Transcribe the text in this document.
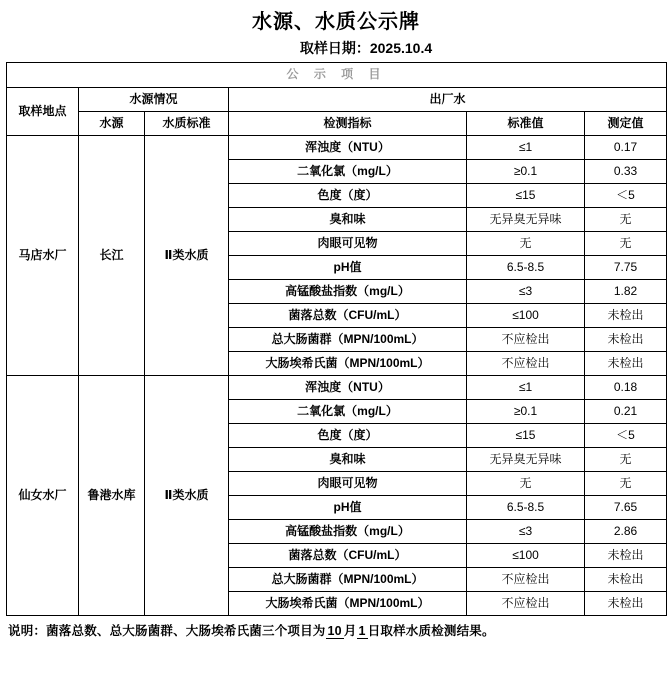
水源、水质公示牌
取样日期：2025.10.4
公 示 项 目					
取样地点	水源情况		出厂水		
	水源	水质标准	检测指标	标准值	测定值
马店水厂	长江	Ⅱ类水质	浑浊度（NTU）	≤1	0.17
			二氧化氯（mg/L）	≥0.1	0.33
			色度（度）	≤15	＜5
			臭和味	无异臭无异味	无
			肉眼可见物	无	无
			pH值	6.5-8.5	7.75
			高锰酸盐指数（mg/L）	≤3	1.82
			菌落总数（CFU/mL）	≤100	未检出
			总大肠菌群（MPN/100mL）	不应检出	未检出
			大肠埃希氏菌（MPN/100mL）	不应检出	未检出
仙女水厂	鲁港水库	Ⅱ类水质	浑浊度（NTU）	≤1	0.18
			二氧化氯（mg/L）	≥0.1	0.21
			色度（度）	≤15	＜5
			臭和味	无异臭无异味	无
			肉眼可见物	无	无
			pH值	6.5-8.5	7.65
			高锰酸盐指数（mg/L）	≤3	2.86
			菌落总数（CFU/mL）	≤100	未检出
			总大肠菌群（MPN/100mL）	不应检出	未检出
			大肠埃希氏菌（MPN/100mL）	不应检出	未检出
说明：菌落总数、总大肠菌群、大肠埃希氏菌三个项目为 10 月 1 日取样水质检测结果。
